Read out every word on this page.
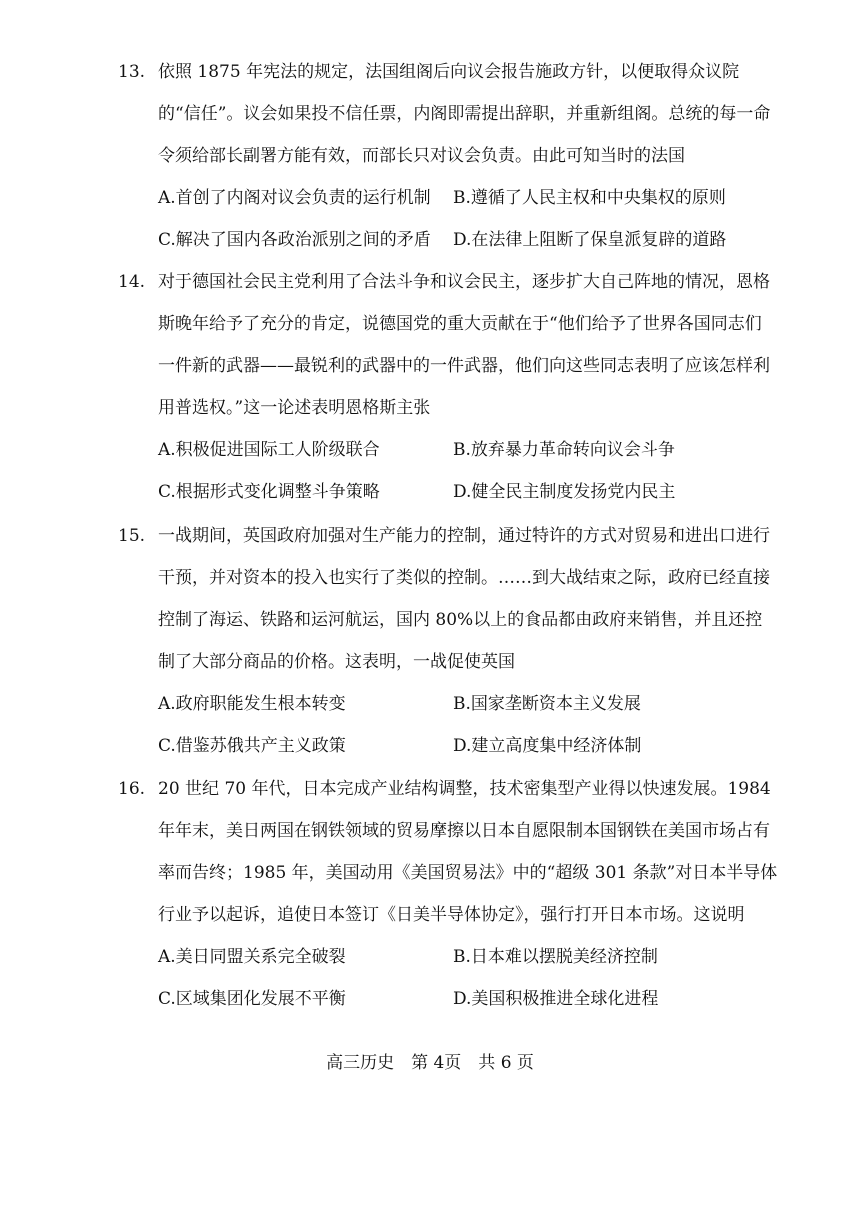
13. 依照 1875 年宪法的规定，法国组阁后向议会报告施政方针，以便取得众议院的“信任”。议会如果投不信任票，内阁即需提出辞职，并重新组阁。总统的每一命令须给部长副署方能有效，而部长只对议会负责。由此可知当时的法国
A.首创了内阁对议会负责的运行机制	B.遵循了人民主权和中央集权的原则
C.解决了国内各政治派别之间的矛盾	D.在法律上阻断了保皇派复辟的道路
14. 对于德国社会民主党利用了合法斗争和议会民主，逐步扩大自己阵地的情况，恩格斯晚年给予了充分的肯定，说德国党的重大贡献在于“他们给予了世界各国同志们一件新的武器——最锐利的武器中的一件武器，他们向这些同志表明了应该怎样利用普选权。”这一论述表明恩格斯主张
A.积极促进国际工人阶级联合	B.放弃暴力革命转向议会斗争
C.根据形式变化调整斗争策略	D.健全民主制度发扬党内民主
15. 一战期间，英国政府加强对生产能力的控制，通过特许的方式对贸易和进出口进行干预，并对资本的投入也实行了类似的控制。……到大战结束之际，政府已经直接控制了海运、铁路和运河航运，国内 80%以上的食品都由政府来销售，并且还控制了大部分商品的价格。这表明，一战促使英国
A.政府职能发生根本转变	B.国家垄断资本主义发展
C.借鉴苏俄共产主义政策	D.建立高度集中经济体制
16. 20 世纪 70 年代，日本完成产业结构调整，技术密集型产业得以快速发展。1984 年年末，美日两国在钢铁领域的贸易摩擦以日本自愿限制本国钢铁在美国市场占有率而告终；1985 年，美国动用《美国贸易法》中的“超级 301 条款”对日本半导体行业予以起诉，追使日本签订《日美半导体协定》，强行打开日本市场。这说明
A.美日同盟关系完全破裂	B.日本难以摆脱美经济控制
C.区域集团化发展不平衡	D.美国积极推进全球化进程
高三历史　第 4页　共 6 页
